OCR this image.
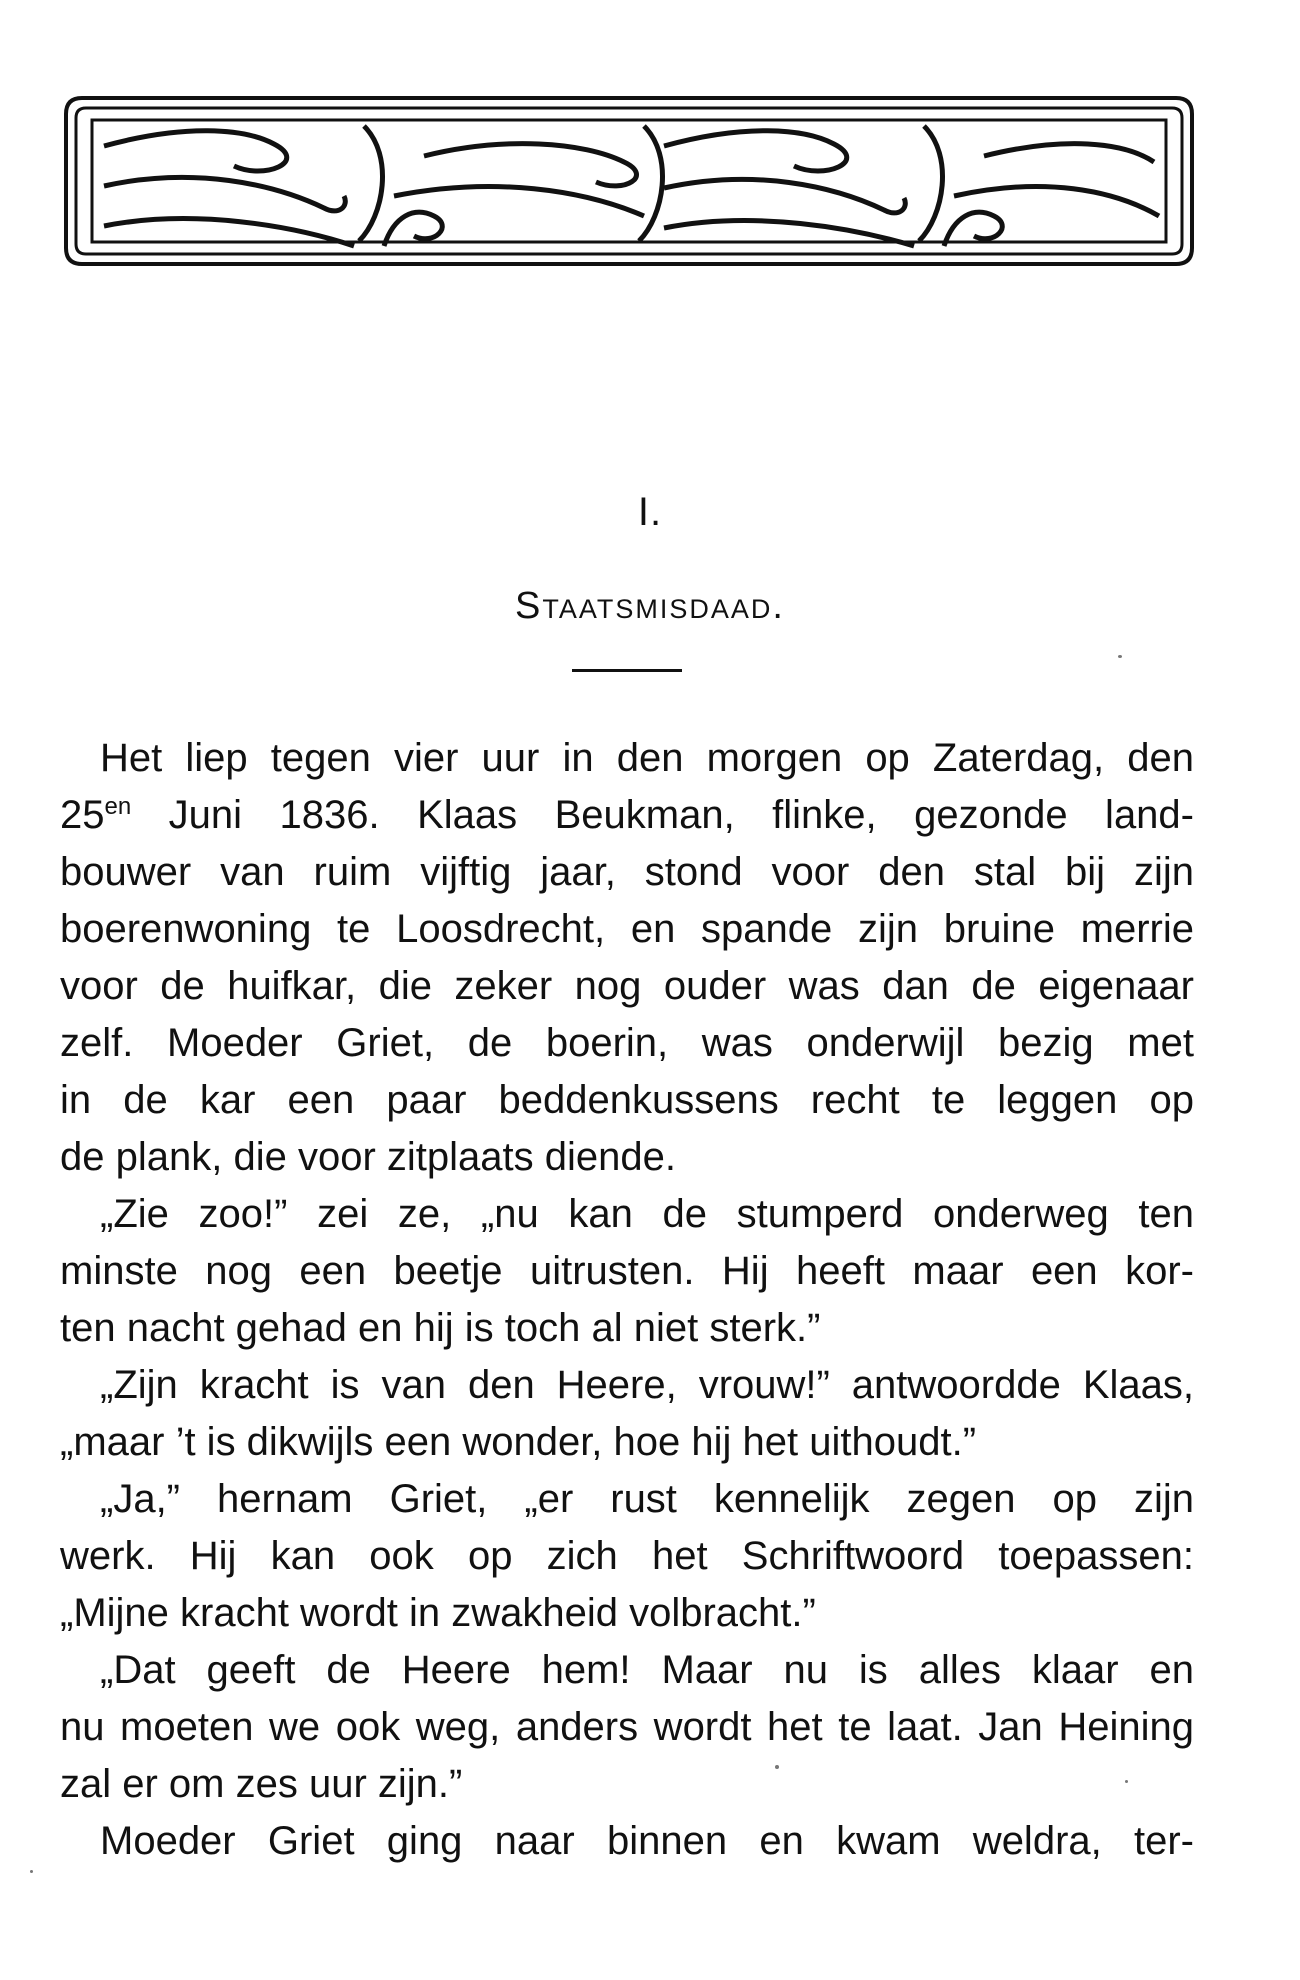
I.
Staatsmisdaad.
Het liep tegen vier uur in den morgen op Zaterdag, den
$25^{en}$ Juni 1836. Klaas Beukman, flinke, gezonde land-
bouwer van ruim vijftig jaar, stond voor den stal bij zijn
boerenwoning te Loosdrecht, en spande zijn bruine merrie
voor de huifkar, die zeker nog ouder was dan de eigenaar
zelf. Moeder Griet, de boerin, was onderwijl bezig met
in de kar een paar beddenkussens recht te leggen op
de plank, die voor zitplaats diende.
„Zie zoo!” zei ze, „nu kan de stumperd onderweg ten
minste nog een beetje uitrusten. Hij heeft maar een kor-
ten nacht gehad en hij is toch al niet sterk.”
„Zijn kracht is van den Heere, vrouw!” antwoordde Klaas,
„maar ’t is dikwijls een wonder, hoe hij het uithoudt.”
„Ja,” hernam Griet, „er rust kennelijk zegen op zijn
werk. Hij kan ook op zich het Schriftwoord toepassen:
„Mijne kracht wordt in zwakheid volbracht.”
„Dat geeft de Heere hem! Maar nu is alles klaar en
nu moeten we ook weg, anders wordt het te laat. Jan Heining
zal er om zes uur zijn.”
Moeder Griet ging naar binnen en kwam weldra, ter-
